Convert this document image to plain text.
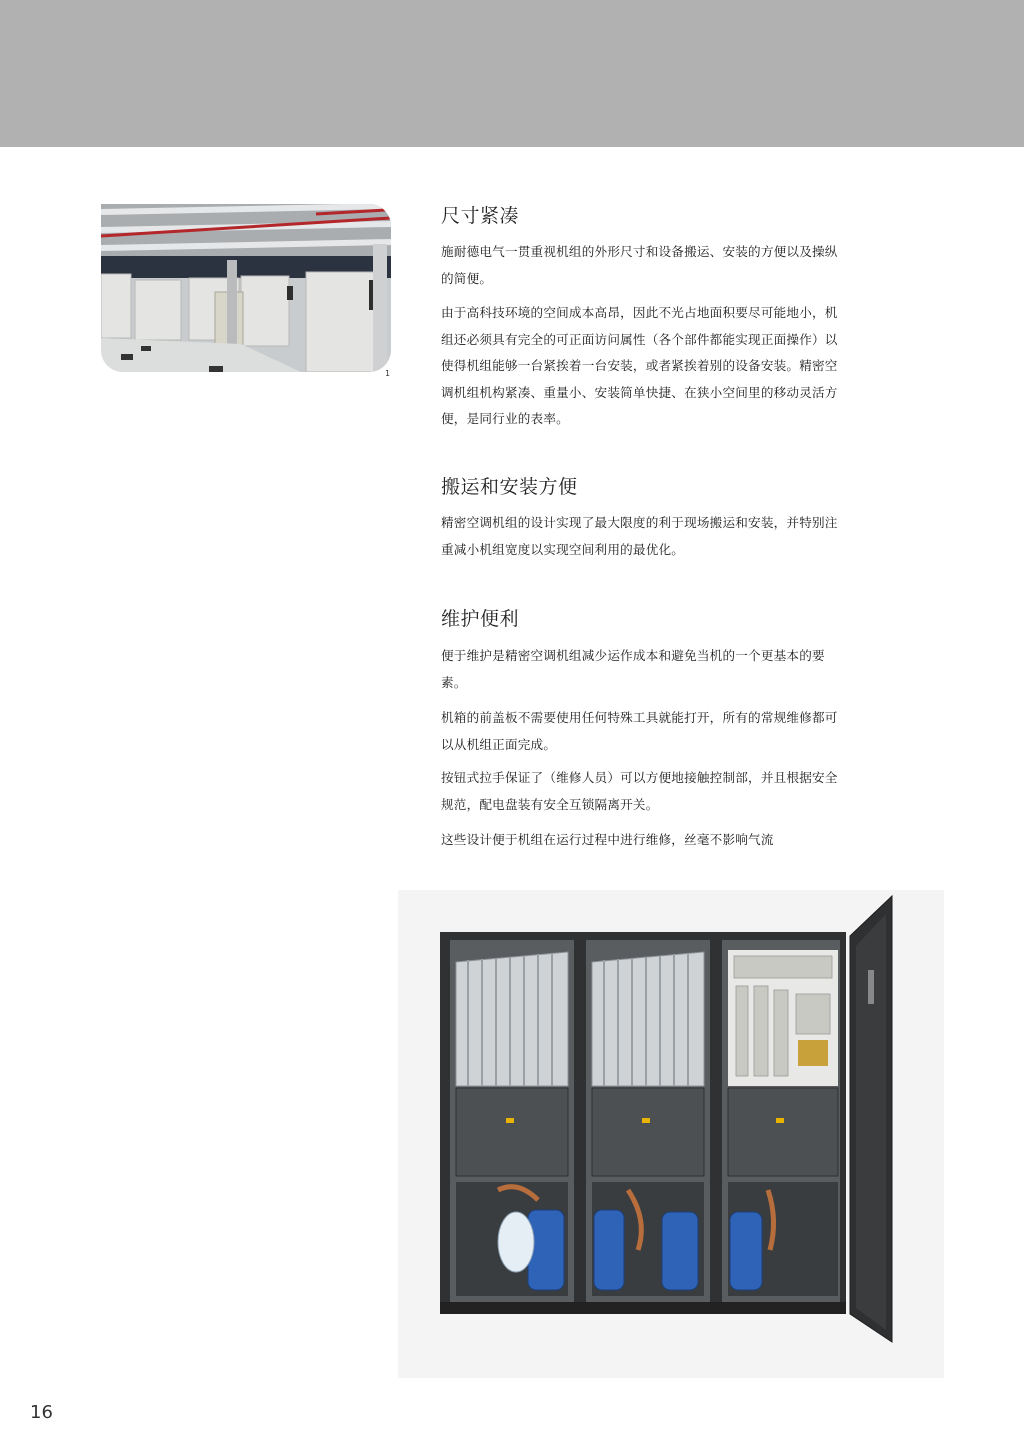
1
尺寸紧凑

施耐德电气一贯重视机组的外形尺寸和设备搬运、安装的方便以及操纵的简便。

由于高科技环境的空间成本高昂，因此不光占地面积要尽可能地小，机组还必须具有完全的可正面访问属性（各个部件都能实现正面操作）以使得机组能够一台紧挨着一台安装，或者紧挨着别的设备安装。精密空调机组机构紧凑、重量小、安装简单快捷、在狭小空间里的移动灵活方便，是同行业的表率。

搬运和安装方便

精密空调机组的设计实现了最大限度的利于现场搬运和安装，并特别注重减小机组宽度以实现空间利用的最优化。

维护便利

便于维护是精密空调机组减少运作成本和避免当机的一个更基本的要素。

机箱的前盖板不需要使用任何特殊工具就能打开，所有的常规维修都可以从机组正面完成。

按钮式拉手保证了（维修人员）可以方便地接触控制部，并且根据安全规范，配电盘装有安全互锁隔离开关。

这些设计便于机组在运行过程中进行维修，丝毫不影响气流

16
